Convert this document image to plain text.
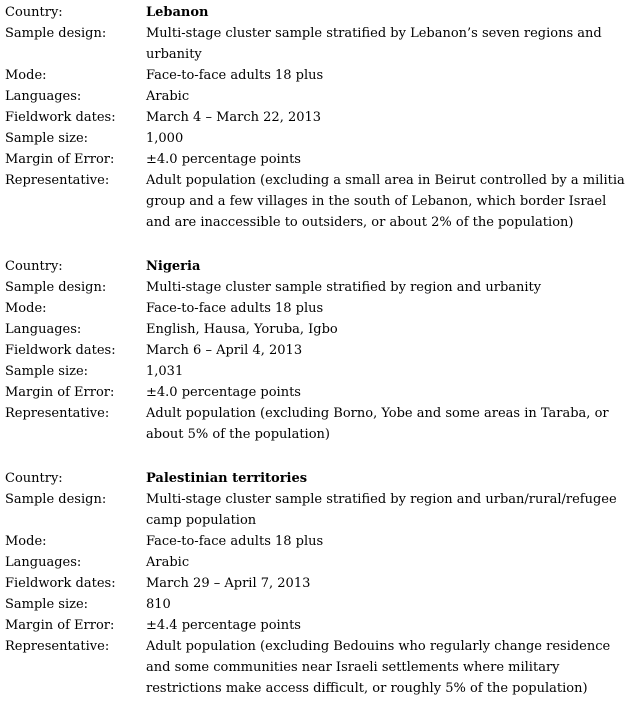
Country:	Lebanon
Sample design:	Multi-stage cluster sample stratified by Lebanon’s seven regions and urbanity
Mode:	Face-to-face adults 18 plus
Languages:	Arabic
Fieldwork dates:	March 4 – March 22, 2013
Sample size:	1,000
Margin of Error:	±4.0 percentage points
Representative:	Adult population (excluding a small area in Beirut controlled by a militia group and a few villages in the south of Lebanon, which border Israel and are inaccessible to outsiders, or about 2% of the population)
Country:	Nigeria
Sample design:	Multi-stage cluster sample stratified by region and urbanity
Mode:	Face-to-face adults 18 plus
Languages:	English, Hausa, Yoruba, Igbo
Fieldwork dates:	March 6 – April 4, 2013
Sample size:	1,031
Margin of Error:	±4.0 percentage points
Representative:	Adult population (excluding Borno, Yobe and some areas in Taraba, or about 5% of the population)
Country:	Palestinian territories
Sample design:	Multi-stage cluster sample stratified by region and urban/rural/refugee camp population
Mode:	Face-to-face adults 18 plus
Languages:	Arabic
Fieldwork dates:	March 29 – April 7, 2013
Sample size:	810
Margin of Error:	±4.4 percentage points
Representative:	Adult population (excluding Bedouins who regularly change residence and some communities near Israeli settlements where military restrictions make access difficult, or roughly 5% of the population)
